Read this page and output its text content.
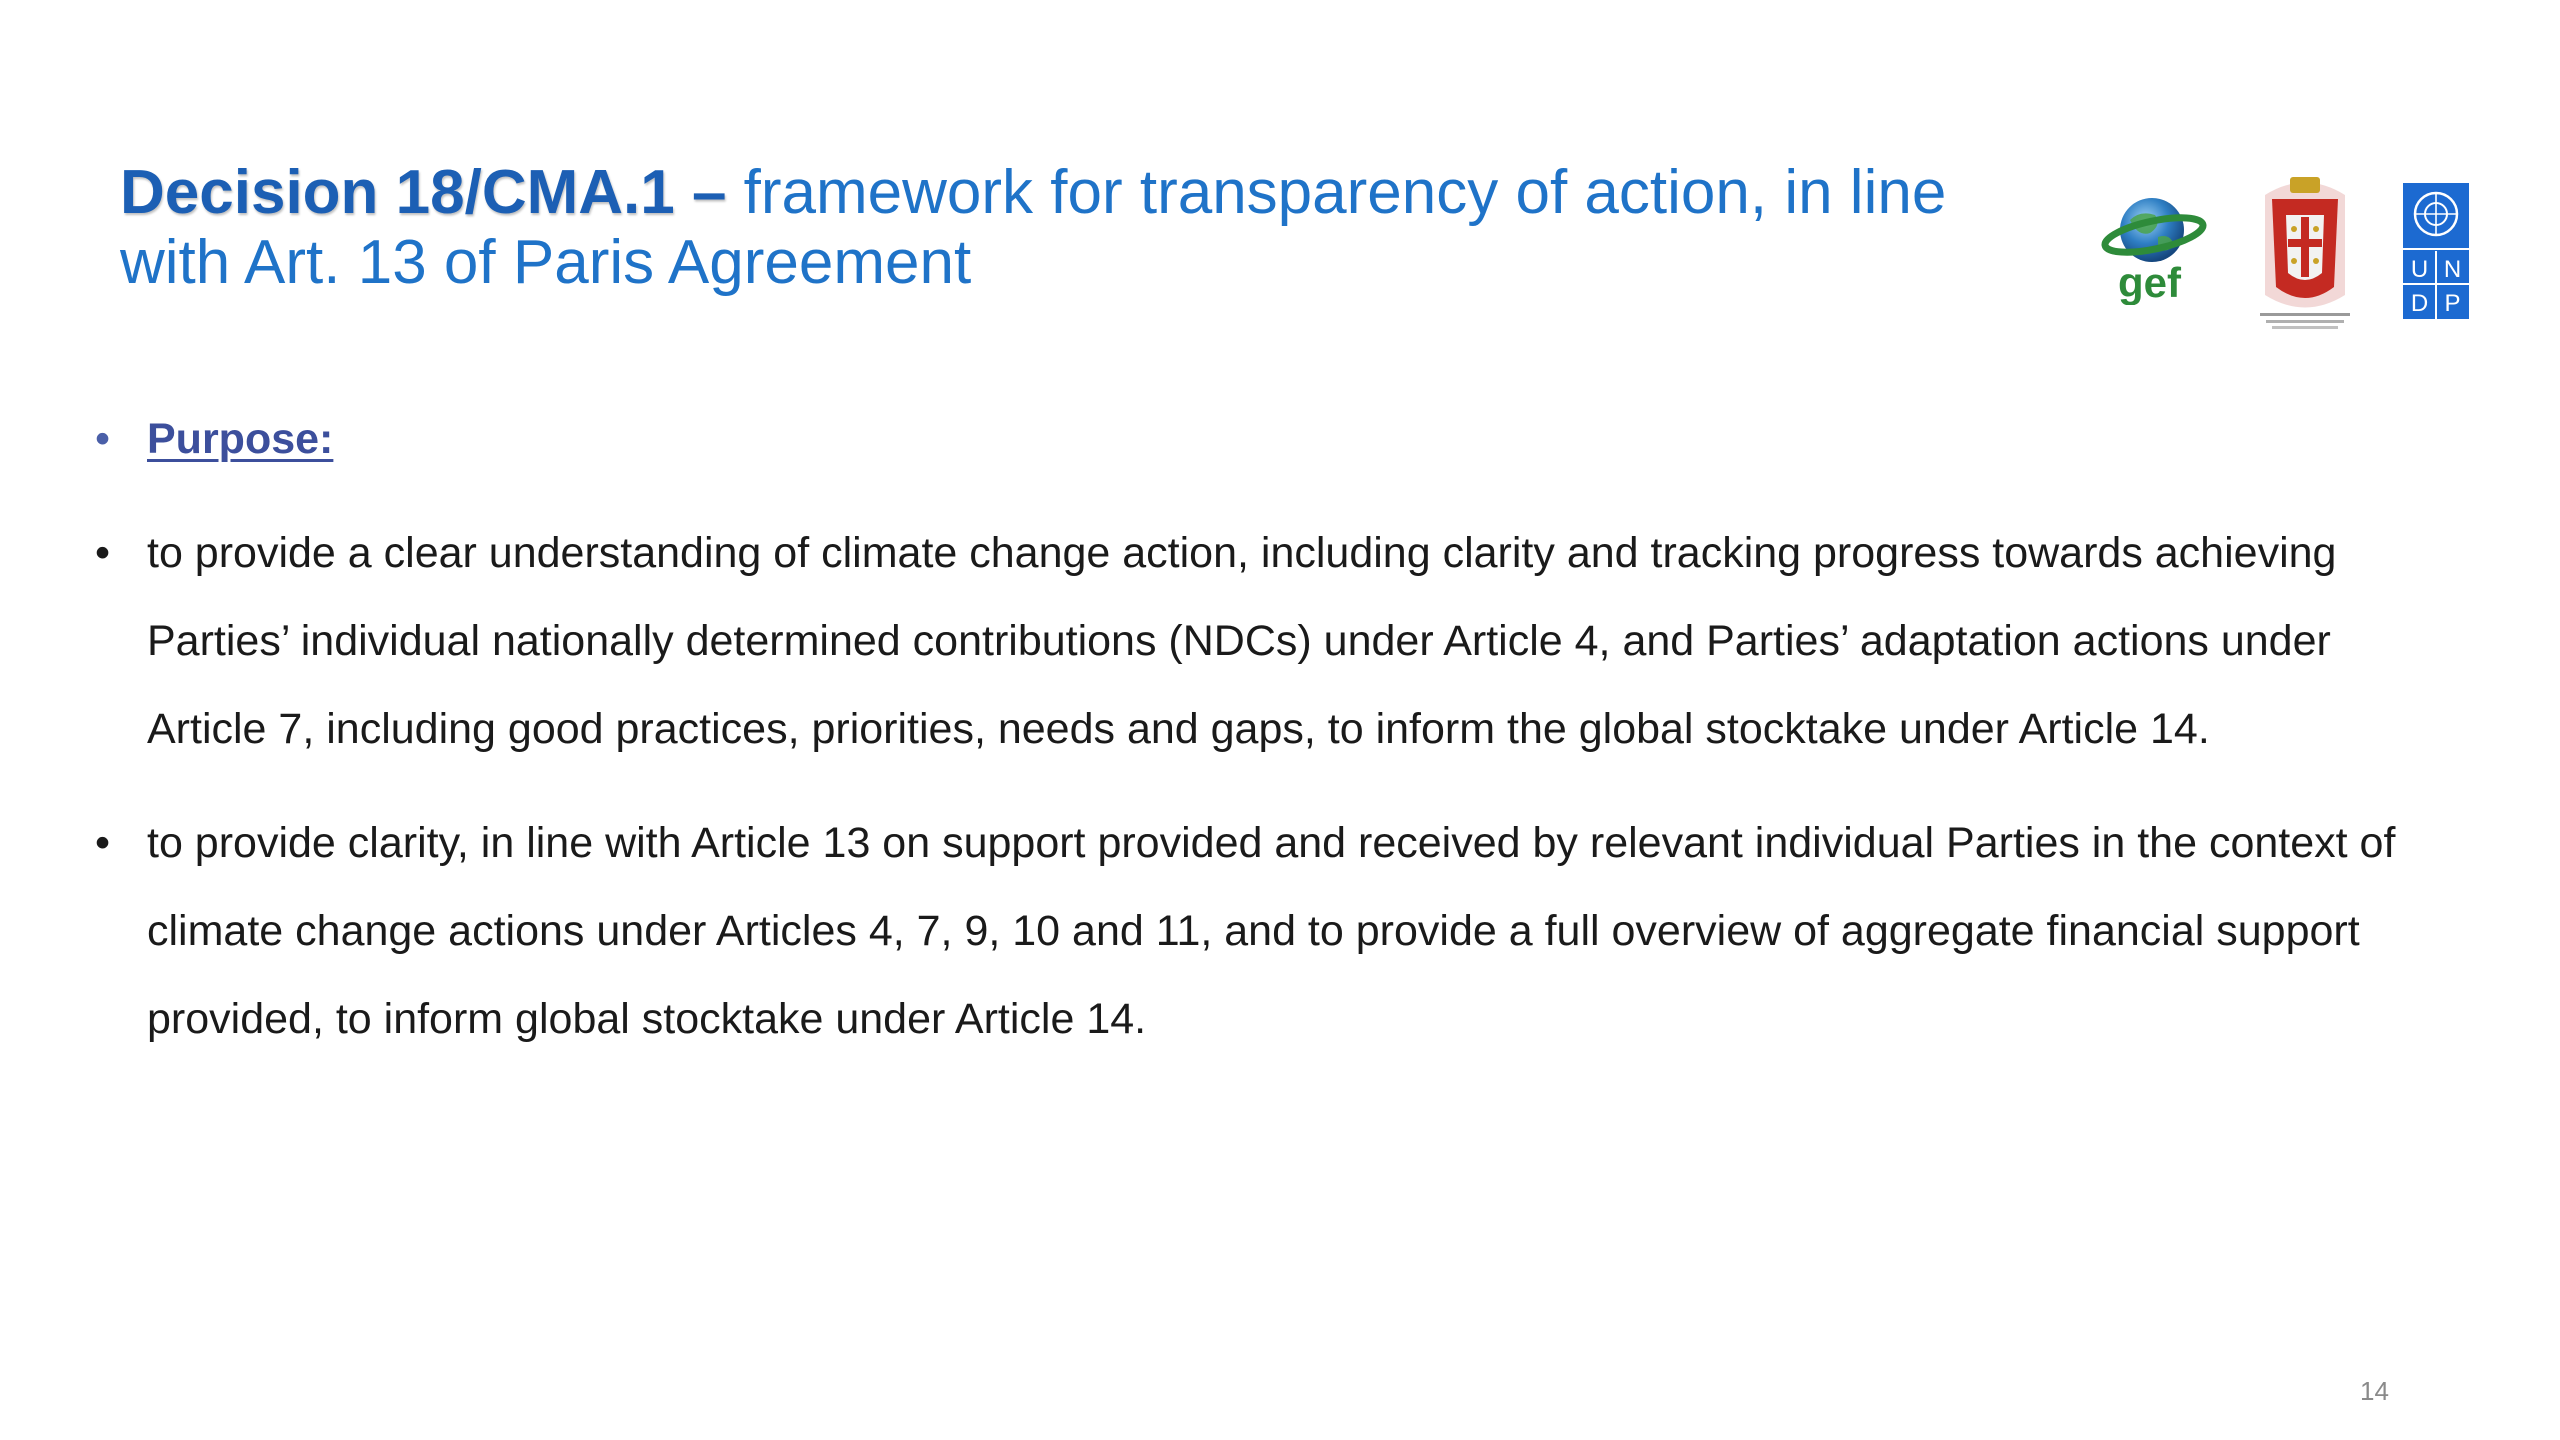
Decision 18/CMA.1 – framework for transparency of action, in line with Art. 13 of Paris Agreement	gef	U N
D P
• Purpose:
• to provide a clear understanding of climate change action, including clarity and tracking progress towards achieving Parties’ individual nationally determined contributions (NDCs) under Article 4, and Parties’ adaptation actions under Article 7, including good practices, priorities, needs and gaps, to inform the global stocktake under Article 14.
• to provide clarity, in line with Article 13 on support provided and received by relevant individual Parties in the context of climate change actions under Articles 4, 7, 9, 10 and 11, and to provide a full overview of aggregate financial support provided, to inform global stocktake under Article 14.
14
